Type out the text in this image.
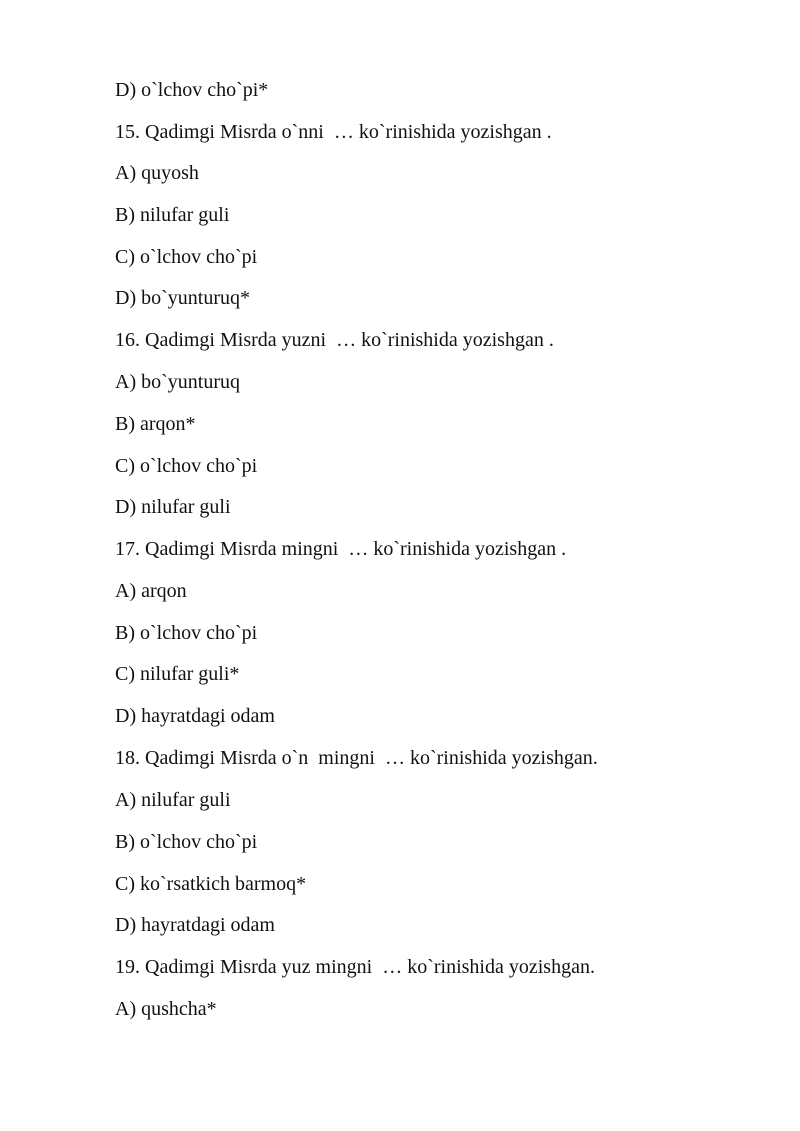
D) o`lchov cho`pi*
15. Qadimgi Misrda o`nni  … ko`rinishida yozishgan .
A) quyosh
B) nilufar guli
C) o`lchov cho`pi
D) bo`yunturuq*
16. Qadimgi Misrda yuzni  … ko`rinishida yozishgan .
A) bo`yunturuq
B) arqon*
C) o`lchov cho`pi
D) nilufar guli
17. Qadimgi Misrda mingni  … ko`rinishida yozishgan .
A) arqon
B) o`lchov cho`pi
C) nilufar guli*
D) hayratdagi odam
18. Qadimgi Misrda o`n  mingni  … ko`rinishida yozishgan.
A) nilufar guli
B) o`lchov cho`pi
C) ko`rsatkich barmoq*
D) hayratdagi odam
19. Qadimgi Misrda yuz mingni  … ko`rinishida yozishgan.
A) qushcha*
